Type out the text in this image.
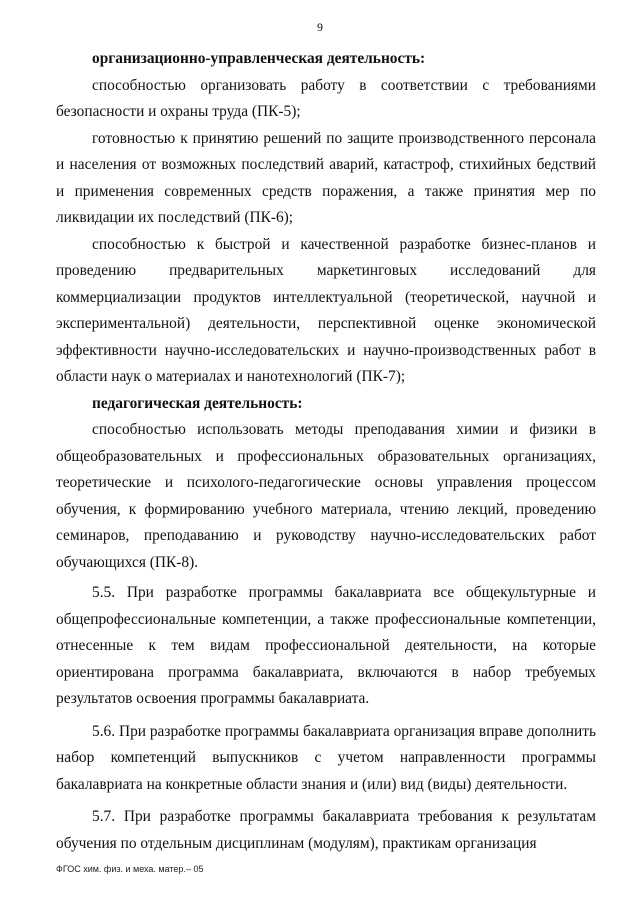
9

организационно-управленческая деятельность:

способностью организовать работу в соответствии с требованиями безопасности и охраны труда (ПК-5);

готовностью к принятию решений по защите производственного персонала и населения от возможных последствий аварий, катастроф, стихийных бедствий и применения современных средств поражения, а также принятия мер по ликвидации их последствий (ПК-6);

способностью к быстрой и качественной разработке бизнес-планов и проведению предварительных маркетинговых исследований для коммерциализации продуктов интеллектуальной (теоретической, научной и экспериментальной) деятельности, перспективной оценке экономической эффективности научно-исследовательских и научно-производственных работ в области наук о материалах и нанотехнологий (ПК-7);

педагогическая деятельность:

способностью использовать методы преподавания химии и физики в общеобразовательных и профессиональных образовательных организациях, теоретические и психолого-педагогические основы управления процессом обучения, к формированию учебного материала, чтению лекций, проведению семинаров, преподаванию и руководству научно-исследовательских работ обучающихся (ПК-8).

5.5. При разработке программы бакалавриата все общекультурные и общепрофессиональные компетенции, а также профессиональные компетенции, отнесенные к тем видам профессиональной деятельности, на которые ориентирована программа бакалавриата, включаются в набор требуемых результатов освоения программы бакалавриата.

5.6. При разработке программы бакалавриата организация вправе дополнить набор компетенций выпускников с учетом направленности программы бакалавриата на конкретные области знания и (или) вид (виды) деятельности.

5.7. При разработке программы бакалавриата требования к результатам обучения по отдельным дисциплинам (модулям), практикам организация

ФГОС хим. физ. и меха. матер.– 05
